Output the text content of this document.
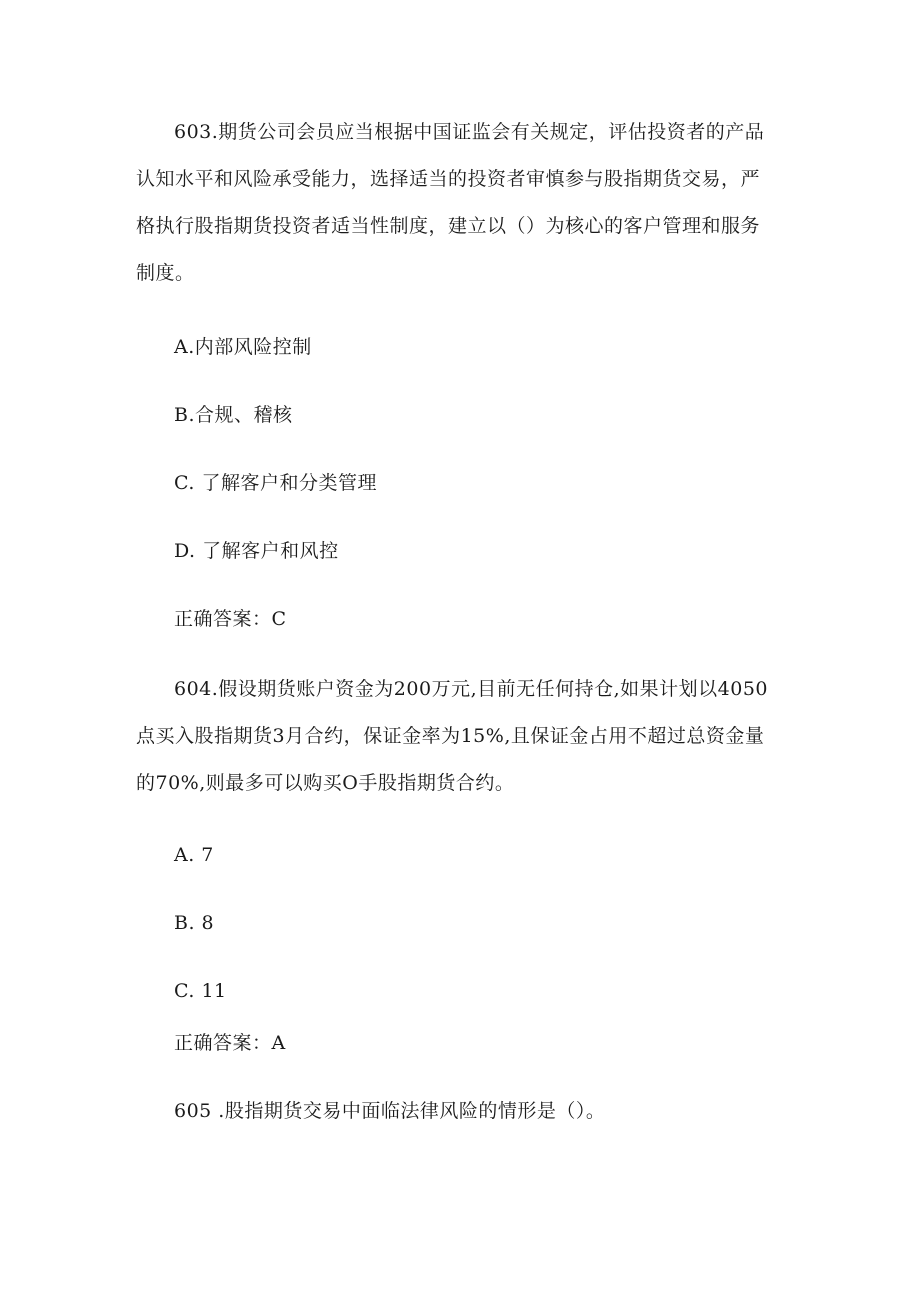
603.期货公司会员应当根据中国证监会有关规定，评估投资者的产品
认知水平和风险承受能力，选择适当的投资者审慎参与股指期货交易，严
格执行股指期货投资者适当性制度，建立以（）为核心的客户管理和服务
制度。
A.内部风险控制
B.合规、稽核
C. 了解客户和分类管理
D. 了解客户和风控
正确答案：C
604.假设期货账户资金为200万元,目前无任何持仓,如果计划以4050
点买入股指期货3月合约，保证金率为15%,且保证金占用不超过总资金量
的70%,则最多可以购买O手股指期货合约。
A. 7
B. 8
C. 11
正确答案：A
605 .股指期货交易中面临法律风险的情形是（）。
